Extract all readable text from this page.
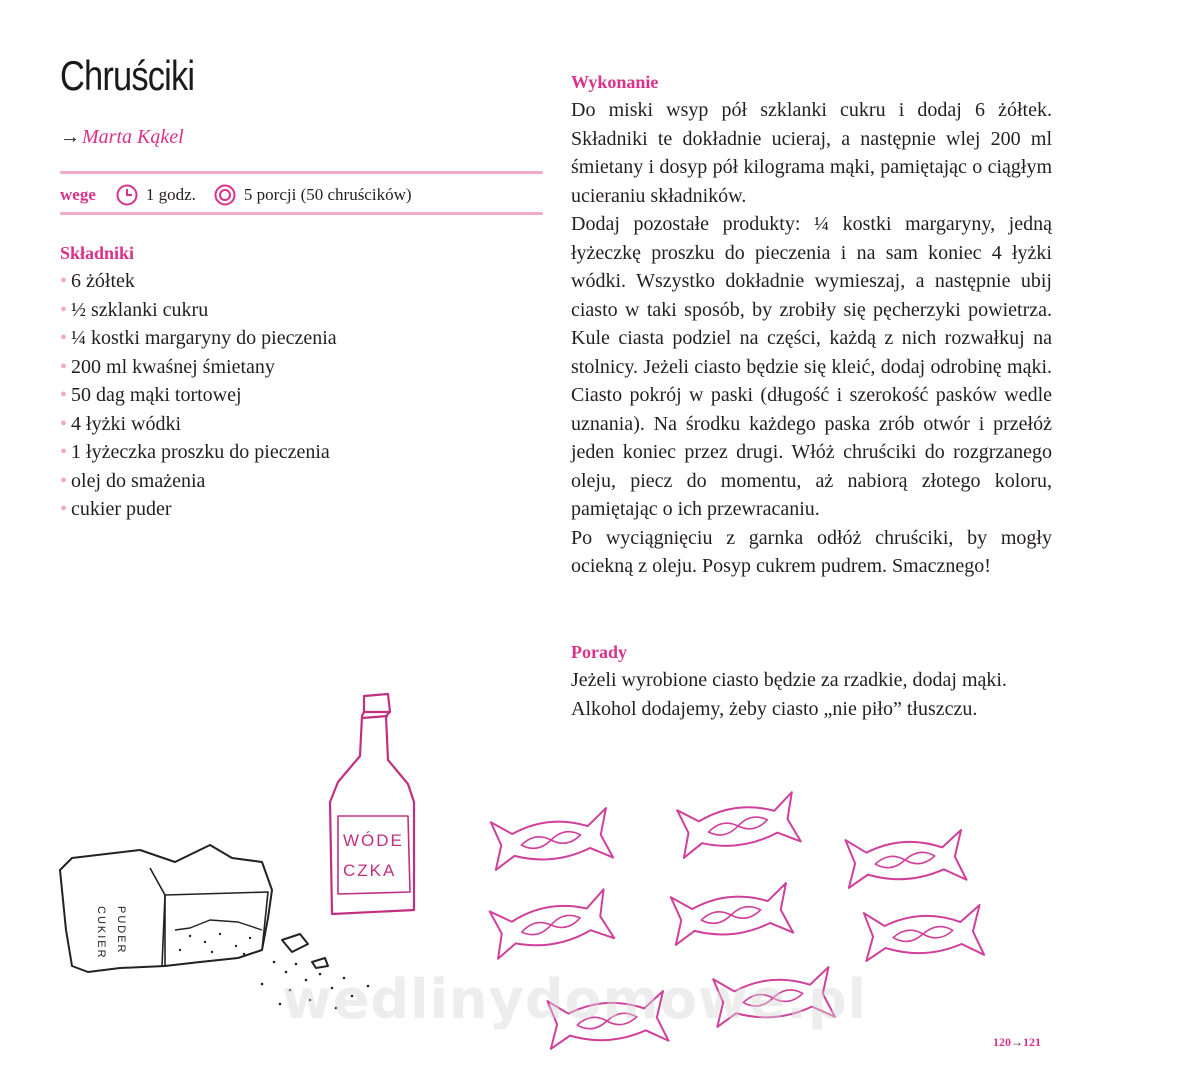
Chruściki
→ Marta Kąkel
wege	1 godz.	5 porcji (50 chruścików)
Składniki
• 6 żółtek
• ½ szklanki cukru
• ¼ kostki margaryny do pieczenia
• 200 ml kwaśnej śmietany
• 50 dag mąki tortowej
• 4 łyżki wódki
• 1 łyżeczka proszku do pieczenia
• olej do smażenia
• cukier puder
Wykonanie

Do miski wsyp pół szklanki cukru i dodaj 6 żółtek. Składniki te dokładnie ucieraj, a następnie wlej 200 ml śmietany i dosyp pół kilograma mąki, pamiętając o ciągłym ucieraniu składników.

Dodaj pozostałe produkty: ¼ kostki margaryny, jedną łyżeczkę proszku do pieczenia i na sam koniec 4 łyżki wódki. Wszystko dokładnie wymieszaj, a następnie ubij ciasto w taki sposób, by zrobiły się pęcherzyki powietrza. Kule ciasta podziel na części, każdą z nich rozwałkuj na stolnicy. Jeżeli ciasto będzie się kleić, dodaj odrobinę mąki. Ciasto pokrój w paski (długość i szerokość pasków wedle uznania). Na środku każdego paska zrób otwór i przełóż jeden koniec przez drugi. Włóż chruściki do rozgrzanego oleju, piecz do momentu, aż nabiorą złotego koloru, pamiętając o ich przewracaniu.

Po wyciągnięciu z garnka odłóż chruściki, by mogły ociekną z oleju. Posyp cukrem pudrem. Smacznego!

Porady

Jeżeli wyrobione ciasto będzie za rzadkie, dodaj mąki.

Alkohol dodajemy, żeby ciasto „nie piło” tłuszczu.

CUKIER PUDER
WÓDE
CZKA
wedlinydomowe.pl
120→121
